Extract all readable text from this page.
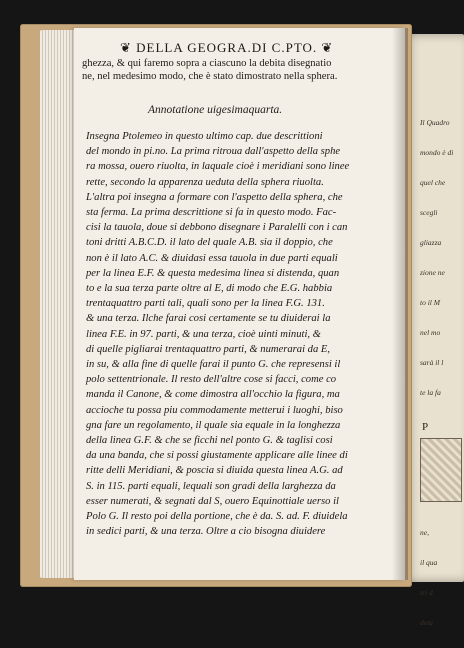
Il Quadro

mondo è di

quel che

scegli

gliazza

zione ne

to il M

nel mo

sarà il l

te la fa

P

ne,

il qua

tri d

deta

❦ DELLA GEOGRA.DI C.PTO. ❦
ghezza, & qui faremo sopra a ciascuno la debita disegnatio
ne, nel medesimo modo, che è stato dimostrato nella sphera.
Annotatione uigesimaquarta.
Insegna Ptolemeo in questo ultimo cap. due descrittioni
del mondo in pi.no. La prima ritroua dall'aspetto della sphe
ra mossa, ouero riuolta, in laquale cioè i meridiani sono linee
rette, secondo la apparenza ueduta della sphera riuolta.
L'altra poi insegna a formare con l'aspetto della sphera, che
sta ferma. La prima descrittione si fa in questo modo. Fac-
cisi la tauola, doue si debbono disegnare i Paralelli con i can
toni dritti A.B.C.D. il lato del quale A.B. sia il doppio, che
non è il lato A.C. & diuidasi essa tauola in due parti equali
per la linea E.F. & questa medesima linea si distenda, quan
to e la sua terza parte oltre al E, di modo che E.G. habbia
trentaquattro parti tali, quali sono per la linea F.G. 131.
& una terza. Ilche farai cosi certamente se tu diuiderai la
linea F.E. in 97. parti, & una terza, cioè uinti minuti, &
di quelle pigliarai trentaquattro parti, & numerarai da E,
in su, & alla fine di quelle farai il punto G. che represensi il
polo settentrionale. Il resto dell'altre cose si facci, come co
manda il Canone, & come dimostra all'occhio la figura, ma
accioche tu possa piu commodamente metterui i luoghi, biso
gna fare un regolamento, il quale sia equale in la longhezza
della linea G.F. & che se ficchi nel ponto G. & taglisi cosi
da una banda, che si possi giustamente applicare alle linee di
ritte delli Meridiani, & poscia si diuida questa linea A.G. ad
S. in 115. parti equali, lequali son gradi della larghezza da
esser numerati, & segnati dal S, ouero Equinottiale uerso il
Polo G. Il resto poi della portione, che è da. S. ad. F. diuidela
in sedici parti, & una terza. Oltre a cio bisogna diuidere
